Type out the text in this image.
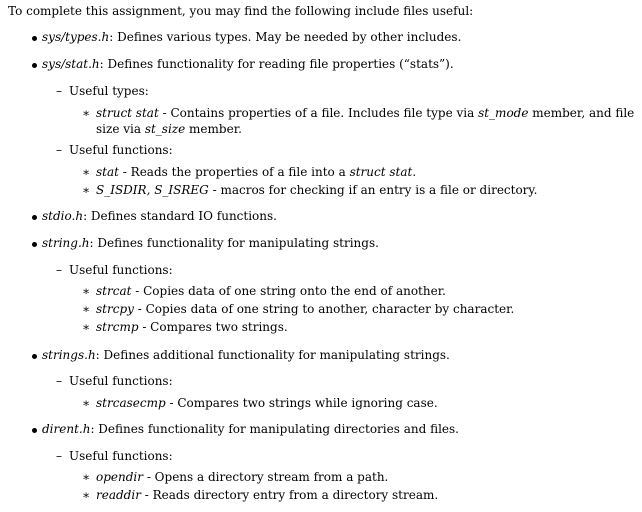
To complete this assignment, you may find the following include files useful:
sys/types.h: Defines various types. May be needed by other includes.
sys/stat.h: Defines functionality for reading file properties (“stats”).
– Useful types:
∗ struct stat - Contains properties of a file. Includes file type via st_mode member, and file
size via st_size member.
– Useful functions:
∗ stat - Reads the properties of a file into a struct stat.
∗ S_ISDIR, S_ISREG - macros for checking if an entry is a file or directory.
stdio.h: Defines standard IO functions.
string.h: Defines functionality for manipulating strings.
– Useful functions:
∗ strcat - Copies data of one string onto the end of another.
∗ strcpy - Copies data of one string to another, character by character.
∗ strcmp - Compares two strings.
strings.h: Defines additional functionality for manipulating strings.
– Useful functions:
∗ strcasecmp - Compares two strings while ignoring case.
dirent.h: Defines functionality for manipulating directories and files.
– Useful functions:
∗ opendir - Opens a directory stream from a path.
∗ readdir - Reads directory entry from a directory stream.
